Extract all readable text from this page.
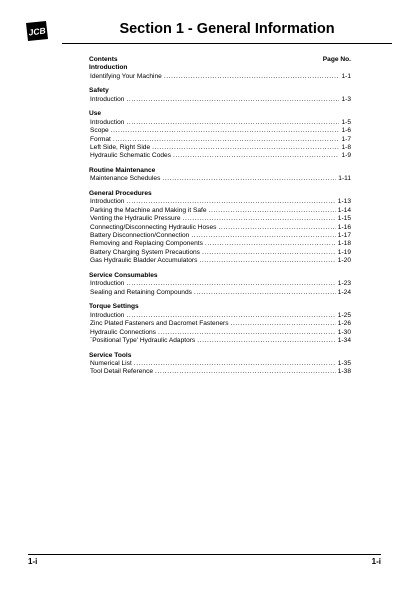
JCB	Section 1 - General Information
Contents	Page No.
Introduction
Identifying Your Machine .....	1-1
Safety
Introduction .....	1-3
Use
Introduction .....	1-5
Scope .....	1-6
Format .....	1-7
Left Side, Right Side .....	1-8
Hydraulic Schematic Codes .....	1-9
Routine Maintenance
Maintenance Schedules .....	1-11
General Procedures
Introduction .....	1-13
Parking the Machine and Making it Safe .....	1-14
Venting the Hydraulic Pressure .....	1-15
Connecting/Disconnecting Hydraulic Hoses .....	1-16
Battery Disconnection/Connection .....	1-17
Removing and Replacing Components .....	1-18
Battery Charging System Precautions .....	1-19
Gas Hydraulic Bladder Accumulators .....	1-20
Service Consumables
Introduction .....	1-23
Sealing and Retaining Compounds .....	1-24
Torque Settings
Introduction .....	1-25
Zinc Plated Fasteners and Dacromet Fasteners .....	1-26
Hydraulic Connections .....	1-30
`Positional Type' Hydraulic Adaptors .....	1-34
Service Tools
Numerical List .....	1-35
Tool Detail Reference .....	1-38
1-i	1-i
